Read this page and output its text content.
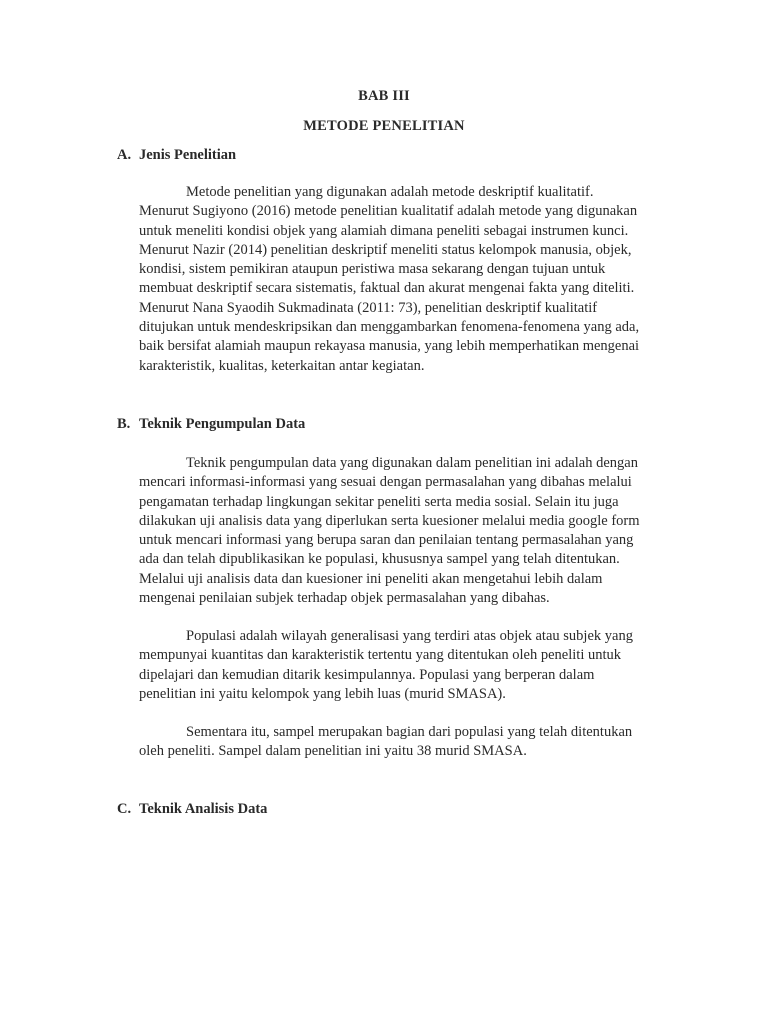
BAB III
METODE PENELITIAN
A. Jenis Penelitian
Metode penelitian yang digunakan adalah metode deskriptif kualitatif.
Menurut Sugiyono (2016) metode penelitian kualitatif adalah metode yang digunakan
untuk meneliti kondisi objek yang alamiah dimana peneliti sebagai instrumen kunci.
Menurut Nazir (2014) penelitian deskriptif meneliti status kelompok manusia, objek,
kondisi, sistem pemikiran ataupun peristiwa masa sekarang dengan tujuan untuk
membuat deskriptif secara sistematis, faktual dan akurat mengenai fakta yang diteliti.
Menurut Nana Syaodih Sukmadinata (2011: 73), penelitian deskriptif kualitatif
ditujukan untuk mendeskripsikan dan menggambarkan fenomena-fenomena yang ada,
baik bersifat alamiah maupun rekayasa manusia, yang lebih memperhatikan mengenai
karakteristik, kualitas, keterkaitan antar kegiatan.
B. Teknik Pengumpulan Data
Teknik pengumpulan data yang digunakan dalam penelitian ini adalah dengan
mencari informasi-informasi yang sesuai dengan permasalahan yang dibahas melalui
pengamatan terhadap lingkungan sekitar peneliti serta media sosial. Selain itu juga
dilakukan uji analisis data yang diperlukan serta kuesioner melalui media google form
untuk mencari informasi yang berupa saran dan penilaian tentang permasalahan yang
ada dan telah dipublikasikan ke populasi, khususnya sampel yang telah ditentukan.
Melalui uji analisis data dan kuesioner ini peneliti akan mengetahui lebih dalam
mengenai penilaian subjek terhadap objek permasalahan yang dibahas.
Populasi adalah wilayah generalisasi yang terdiri atas objek atau subjek yang
mempunyai kuantitas dan karakteristik tertentu yang ditentukan oleh peneliti untuk
dipelajari dan kemudian ditarik kesimpulannya. Populasi yang berperan dalam
penelitian ini yaitu kelompok yang lebih luas (murid SMASA).
Sementara itu, sampel merupakan bagian dari populasi yang telah ditentukan
oleh peneliti. Sampel dalam penelitian ini yaitu 38 murid SMASA.
C. Teknik Analisis Data
